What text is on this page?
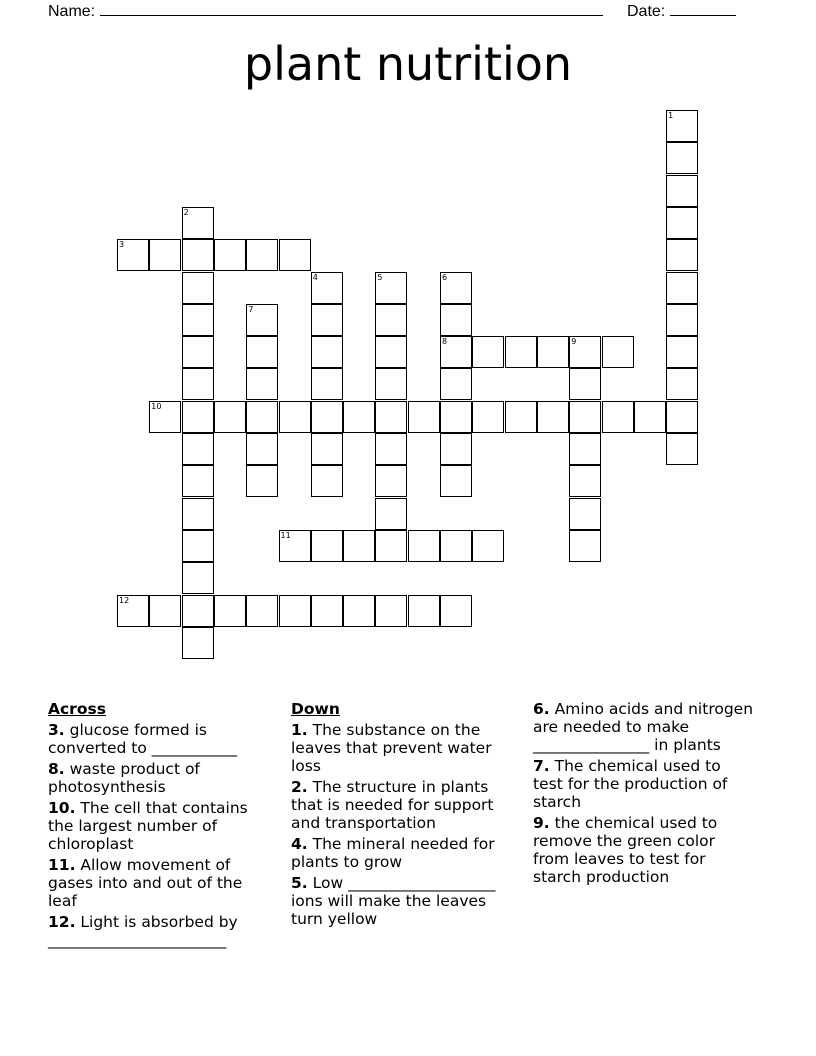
Name:	Date:
plant nutrition
1
2
3
4	5	6
8
7
9
10
11
12
Across
3. glucose formed is converted to ___________
8. waste product of photosynthesis
10. The cell that contains the largest number of chloroplast
11. Allow movement of gases into and out of the leaf
12. Light is absorbed by _______________________
Down
1. The substance on the leaves that prevent water loss
2. The structure in plants that is needed for support and transportation
4. The mineral needed for plants to grow
5. Low ___________________ ions will make the leaves turn yellow
6. Amino acids and nitrogen are needed to make _______________ in plants
7. The chemical used to test for the production of starch
9. the chemical used to remove the green color from leaves to test for starch production
